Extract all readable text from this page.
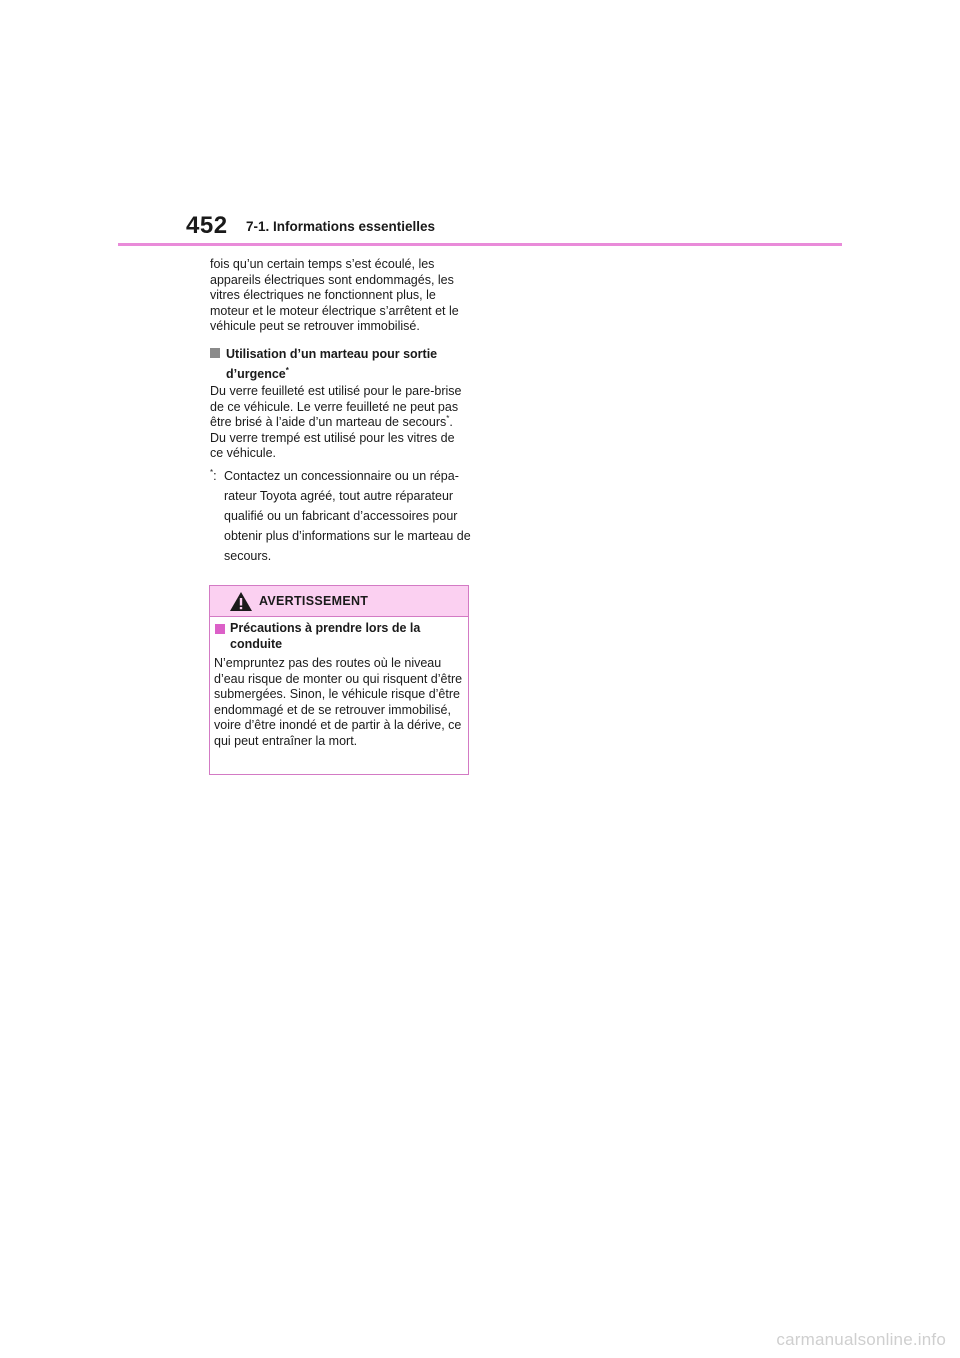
452 7-1. Informations essentielles

fois qu’un certain temps s’est écoulé, les appareils électriques sont endommagés, les vitres électriques ne fonctionnent plus, le moteur et le moteur électrique s’arrêtent et le véhicule peut se retrouver immobilisé.

Utilisation d’un marteau pour sortie
d’urgence*

Du verre feuilleté est utilisé pour le pare-brise de ce véhicule. Le verre feuilleté ne peut pas être brisé à l’aide d’un marteau de secours*. Du verre trempé est utilisé pour les vitres de ce véhicule.

*: Contactez un concessionnaire ou un réparateur Toyota agréé, tout autre réparateur qualifié ou un fabricant d’accessoires pour obtenir plus d’informations sur le marteau de secours.
AVERTISSEMENT
Précautions à prendre lors de la conduite
N’empruntez pas des routes où le niveau d’eau risque de monter ou qui risquent d’être submergées. Sinon, le véhicule risque d’être endommagé et de se retrouver immobilisé, voire d’être inondé et de partir à la dérive, ce qui peut entraîner la mort.
carmanualsonline.info
